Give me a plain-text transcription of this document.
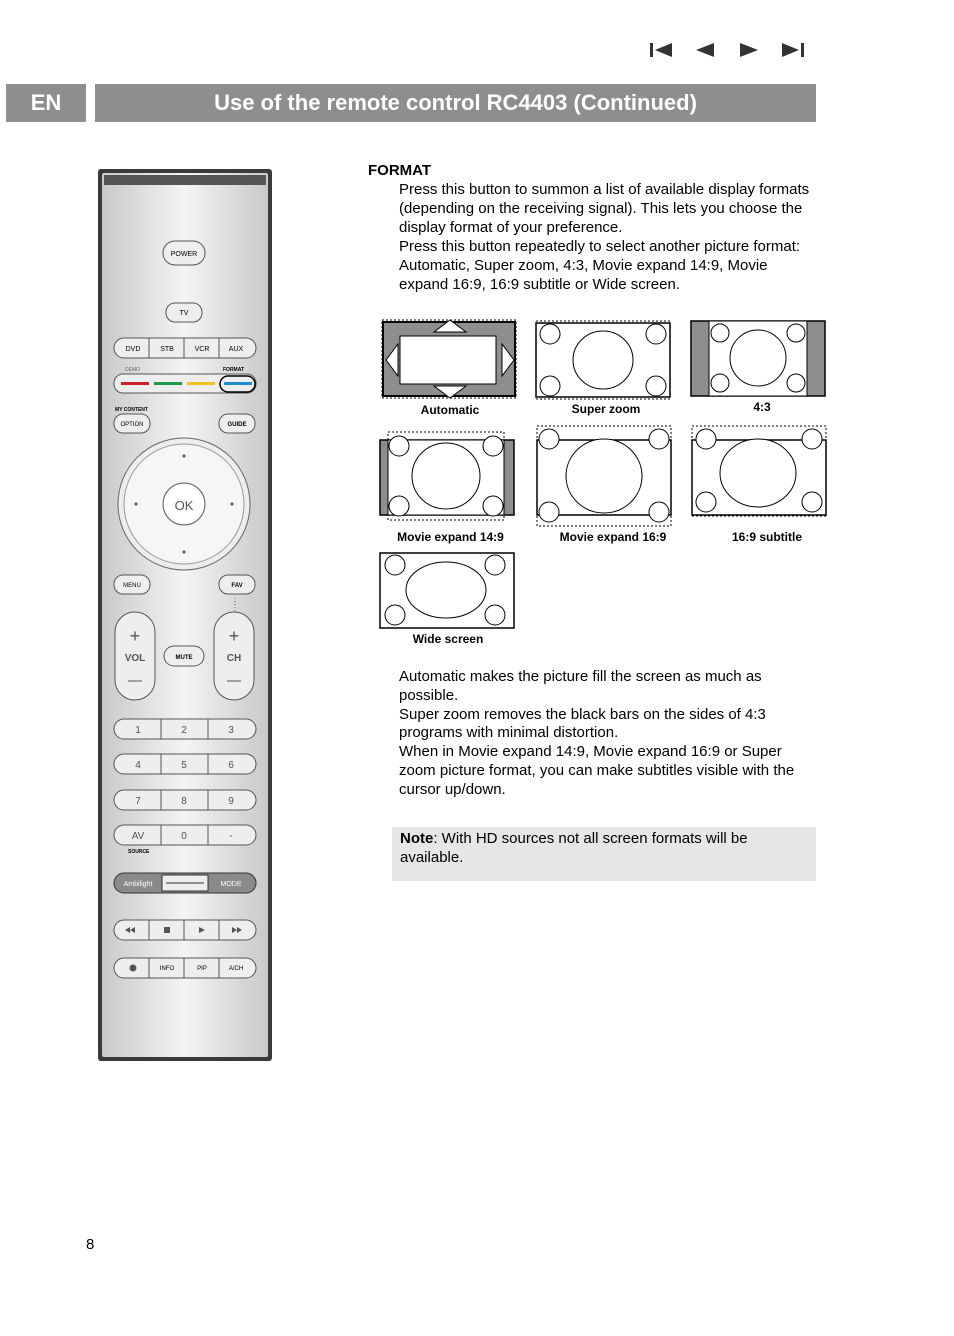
EN	Use of the remote control RC4403 (Continued)
POWER
TV
DVD	STB	VCR	AUX
DEMO	FORMAT
MY CONTENT
OPTION	GUIDE
OK
MENU	FAV
+
VOL	MUTE
+
CH
1	2	3
4	5	6
7	8	9
AV	0	-
SOURCE
Ambilight	MODE
INFO	PIP	A/CH
FORMAT
Press this button to summon a list of available display formats (depending on the receiving signal). This lets you choose the display format of your preference.
Press this button repeatedly to select another picture format: Automatic, Super zoom, 4:3, Movie expand 14:9, Movie expand 16:9, 16:9 subtitle or Wide screen.
Automatic	Super zoom	4:3
Movie expand 14:9	Movie expand 16:9	16:9 subtitle
Wide screen
Automatic makes the picture fill the screen as much as possible.
Super zoom removes the black bars on the sides of 4:3 programs with minimal distortion.
When in Movie expand 14:9, Movie expand 16:9 or Super zoom picture format, you can make subtitles visible with the cursor up/down.
Note: With HD sources not all screen formats will be available.
8
